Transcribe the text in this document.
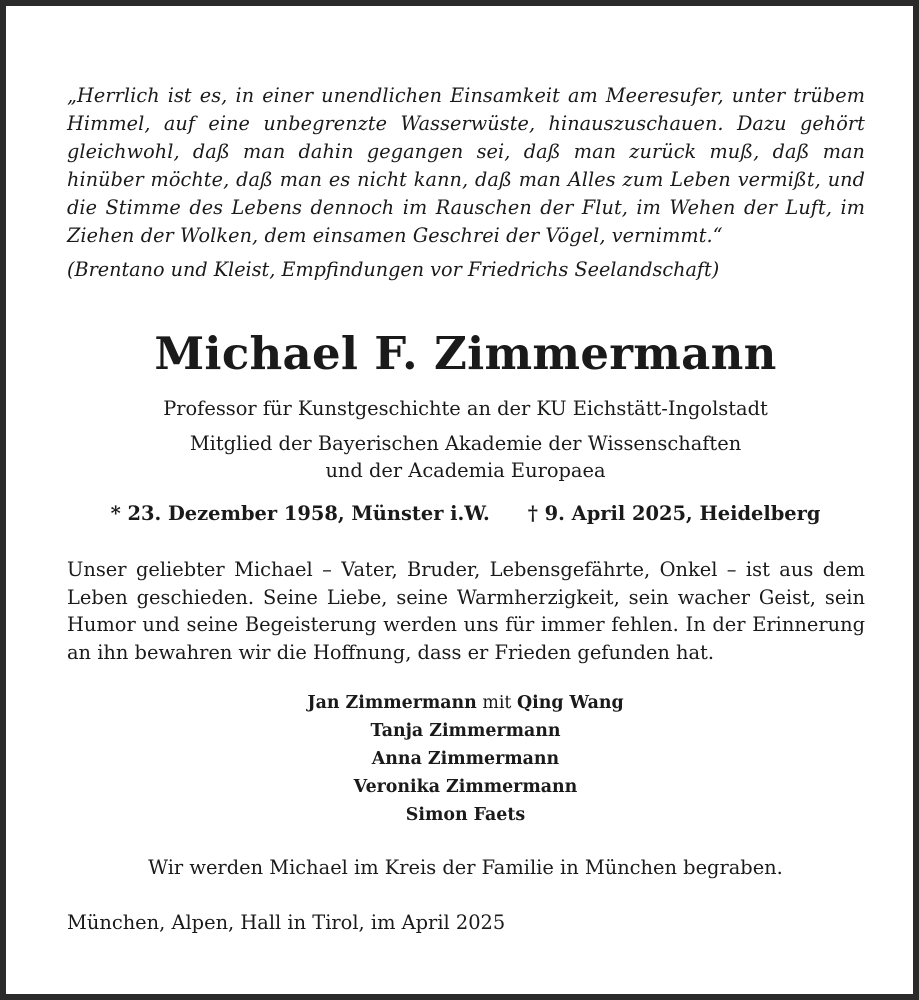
„Herrlich ist es, in einer unendlichen Einsamkeit am Meeresufer, unter trübem Himmel, auf eine unbegrenzte Wasserwüste, hinauszuschauen. Dazu gehört gleichwohl, daß man dahin gegangen sei, daß man zurück muß, daß man hinüber möchte, daß man es nicht kann, daß man Alles zum Leben vermißt, und die Stimme des Lebens dennoch im Rauschen der Flut, im Wehen der Luft, im Ziehen der Wolken, dem einsamen Geschrei der Vögel, vernimmt.“
(Brentano und Kleist, Empfindungen vor Friedrichs Seelandschaft)
Michael F. Zimmermann
Professor für Kunstgeschichte an der KU Eichstätt-Ingolstadt
Mitglied der Bayerischen Akademie der Wissenschaften
und der Academia Europaea
* 23. Dezember 1958, Münster i.W. † 9. April 2025, Heidelberg
Unser geliebter Michael – Vater, Bruder, Lebensgefährte, Onkel – ist aus dem Leben geschieden. Seine Liebe, seine Warmherzigkeit, sein wacher Geist, sein Humor und seine Begeisterung werden uns für immer fehlen. In der Erinnerung an ihn bewahren wir die Hoffnung, dass er Frieden gefunden hat.
Jan Zimmermann mit Qing Wang
Tanja Zimmermann
Anna Zimmermann
Veronika Zimmermann
Simon Faets
Wir werden Michael im Kreis der Familie in München begraben.
München, Alpen, Hall in Tirol, im April 2025
